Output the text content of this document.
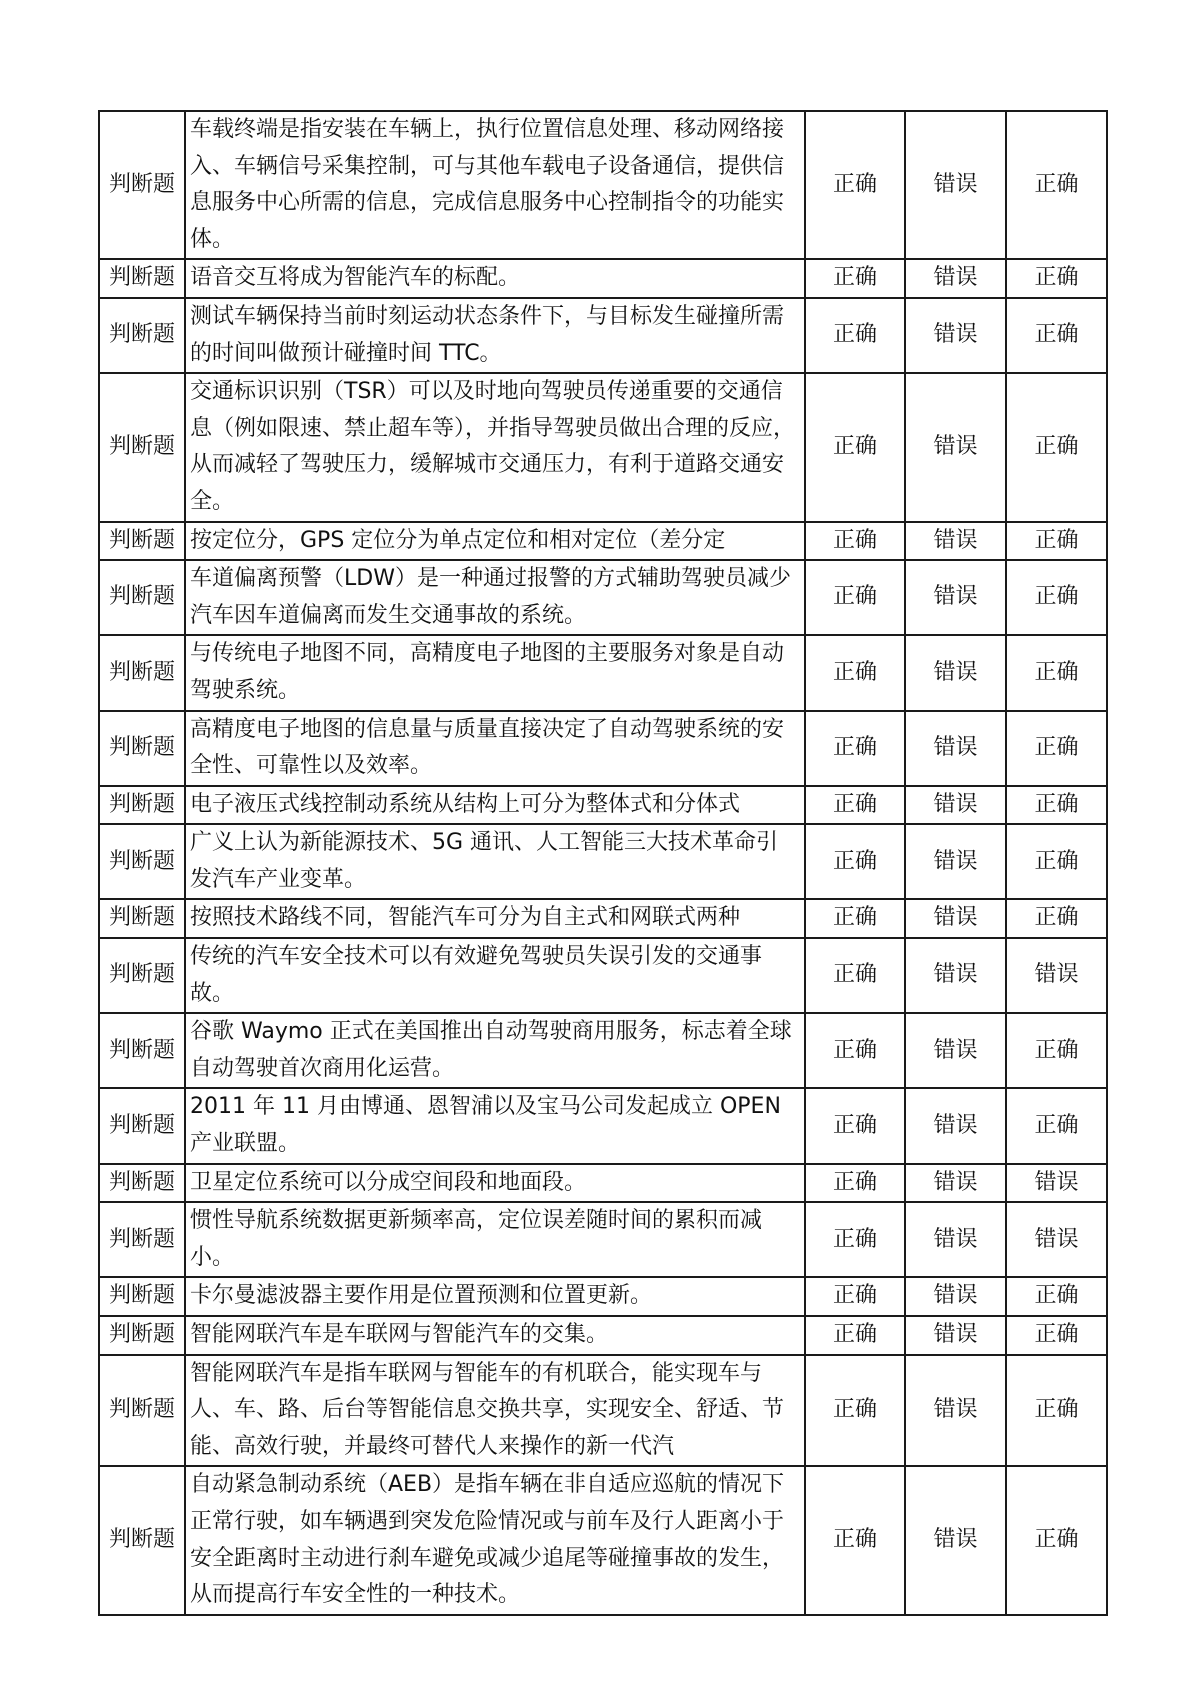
判断题	车载终端是指安装在车辆上，执行位置信息处理、移动网络接入、车辆信号采集控制，可与其他车载电子设备通信，提供信息服务中心所需的信息，完成信息服务中心控制指令的功能实体。	正确	错误	正确
判断题	语音交互将成为智能汽车的标配。	正确	错误	正确
判断题	测试车辆保持当前时刻运动状态条件下，与目标发生碰撞所需的时间叫做预计碰撞时间 TTC。	正确	错误	正确
判断题	交通标识识别（TSR）可以及时地向驾驶员传递重要的交通信息（例如限速、禁止超车等），并指导驾驶员做出合理的反应，从而减轻了驾驶压力，缓解城市交通压力，有利于道路交通安全。	正确	错误	正确
判断题	按定位分，GPS 定位分为单点定位和相对定位（差分定	正确	错误	正确
判断题	车道偏离预警（LDW）是一种通过报警的方式辅助驾驶员减少汽车因车道偏离而发生交通事故的系统。	正确	错误	正确
判断题	与传统电子地图不同，高精度电子地图的主要服务对象是自动驾驶系统。	正确	错误	正确
判断题	高精度电子地图的信息量与质量直接决定了自动驾驶系统的安全性、可靠性以及效率。	正确	错误	正确
判断题	电子液压式线控制动系统从结构上可分为整体式和分体式	正确	错误	正确
判断题	广义上认为新能源技术、5G 通讯、人工智能三大技术革命引发汽车产业变革。	正确	错误	正确
判断题	按照技术路线不同，智能汽车可分为自主式和网联式两种	正确	错误	正确
判断题	传统的汽车安全技术可以有效避免驾驶员失误引发的交通事故。	正确	错误	错误
判断题	谷歌 Waymo 正式在美国推出自动驾驶商用服务，标志着全球自动驾驶首次商用化运营。	正确	错误	正确
判断题	2011 年 11 月由博通、恩智浦以及宝马公司发起成立 OPEN 产业联盟。	正确	错误	正确
判断题	卫星定位系统可以分成空间段和地面段。	正确	错误	错误
判断题	惯性导航系统数据更新频率高，定位误差随时间的累积而减小。	正确	错误	错误
判断题	卡尔曼滤波器主要作用是位置预测和位置更新。	正确	错误	正确
判断题	智能网联汽车是车联网与智能汽车的交集。	正确	错误	正确
判断题	智能网联汽车是指车联网与智能车的有机联合，能实现车与人、车、路、后台等智能信息交换共享，实现安全、舒适、节能、高效行驶，并最终可替代人来操作的新一代汽	正确	错误	正确
判断题	自动紧急制动系统（AEB）是指车辆在非自适应巡航的情况下正常行驶，如车辆遇到突发危险情况或与前车及行人距离小于安全距离时主动进行刹车避免或减少追尾等碰撞事故的发生，从而提高行车安全性的一种技术。	正确	错误	正确
